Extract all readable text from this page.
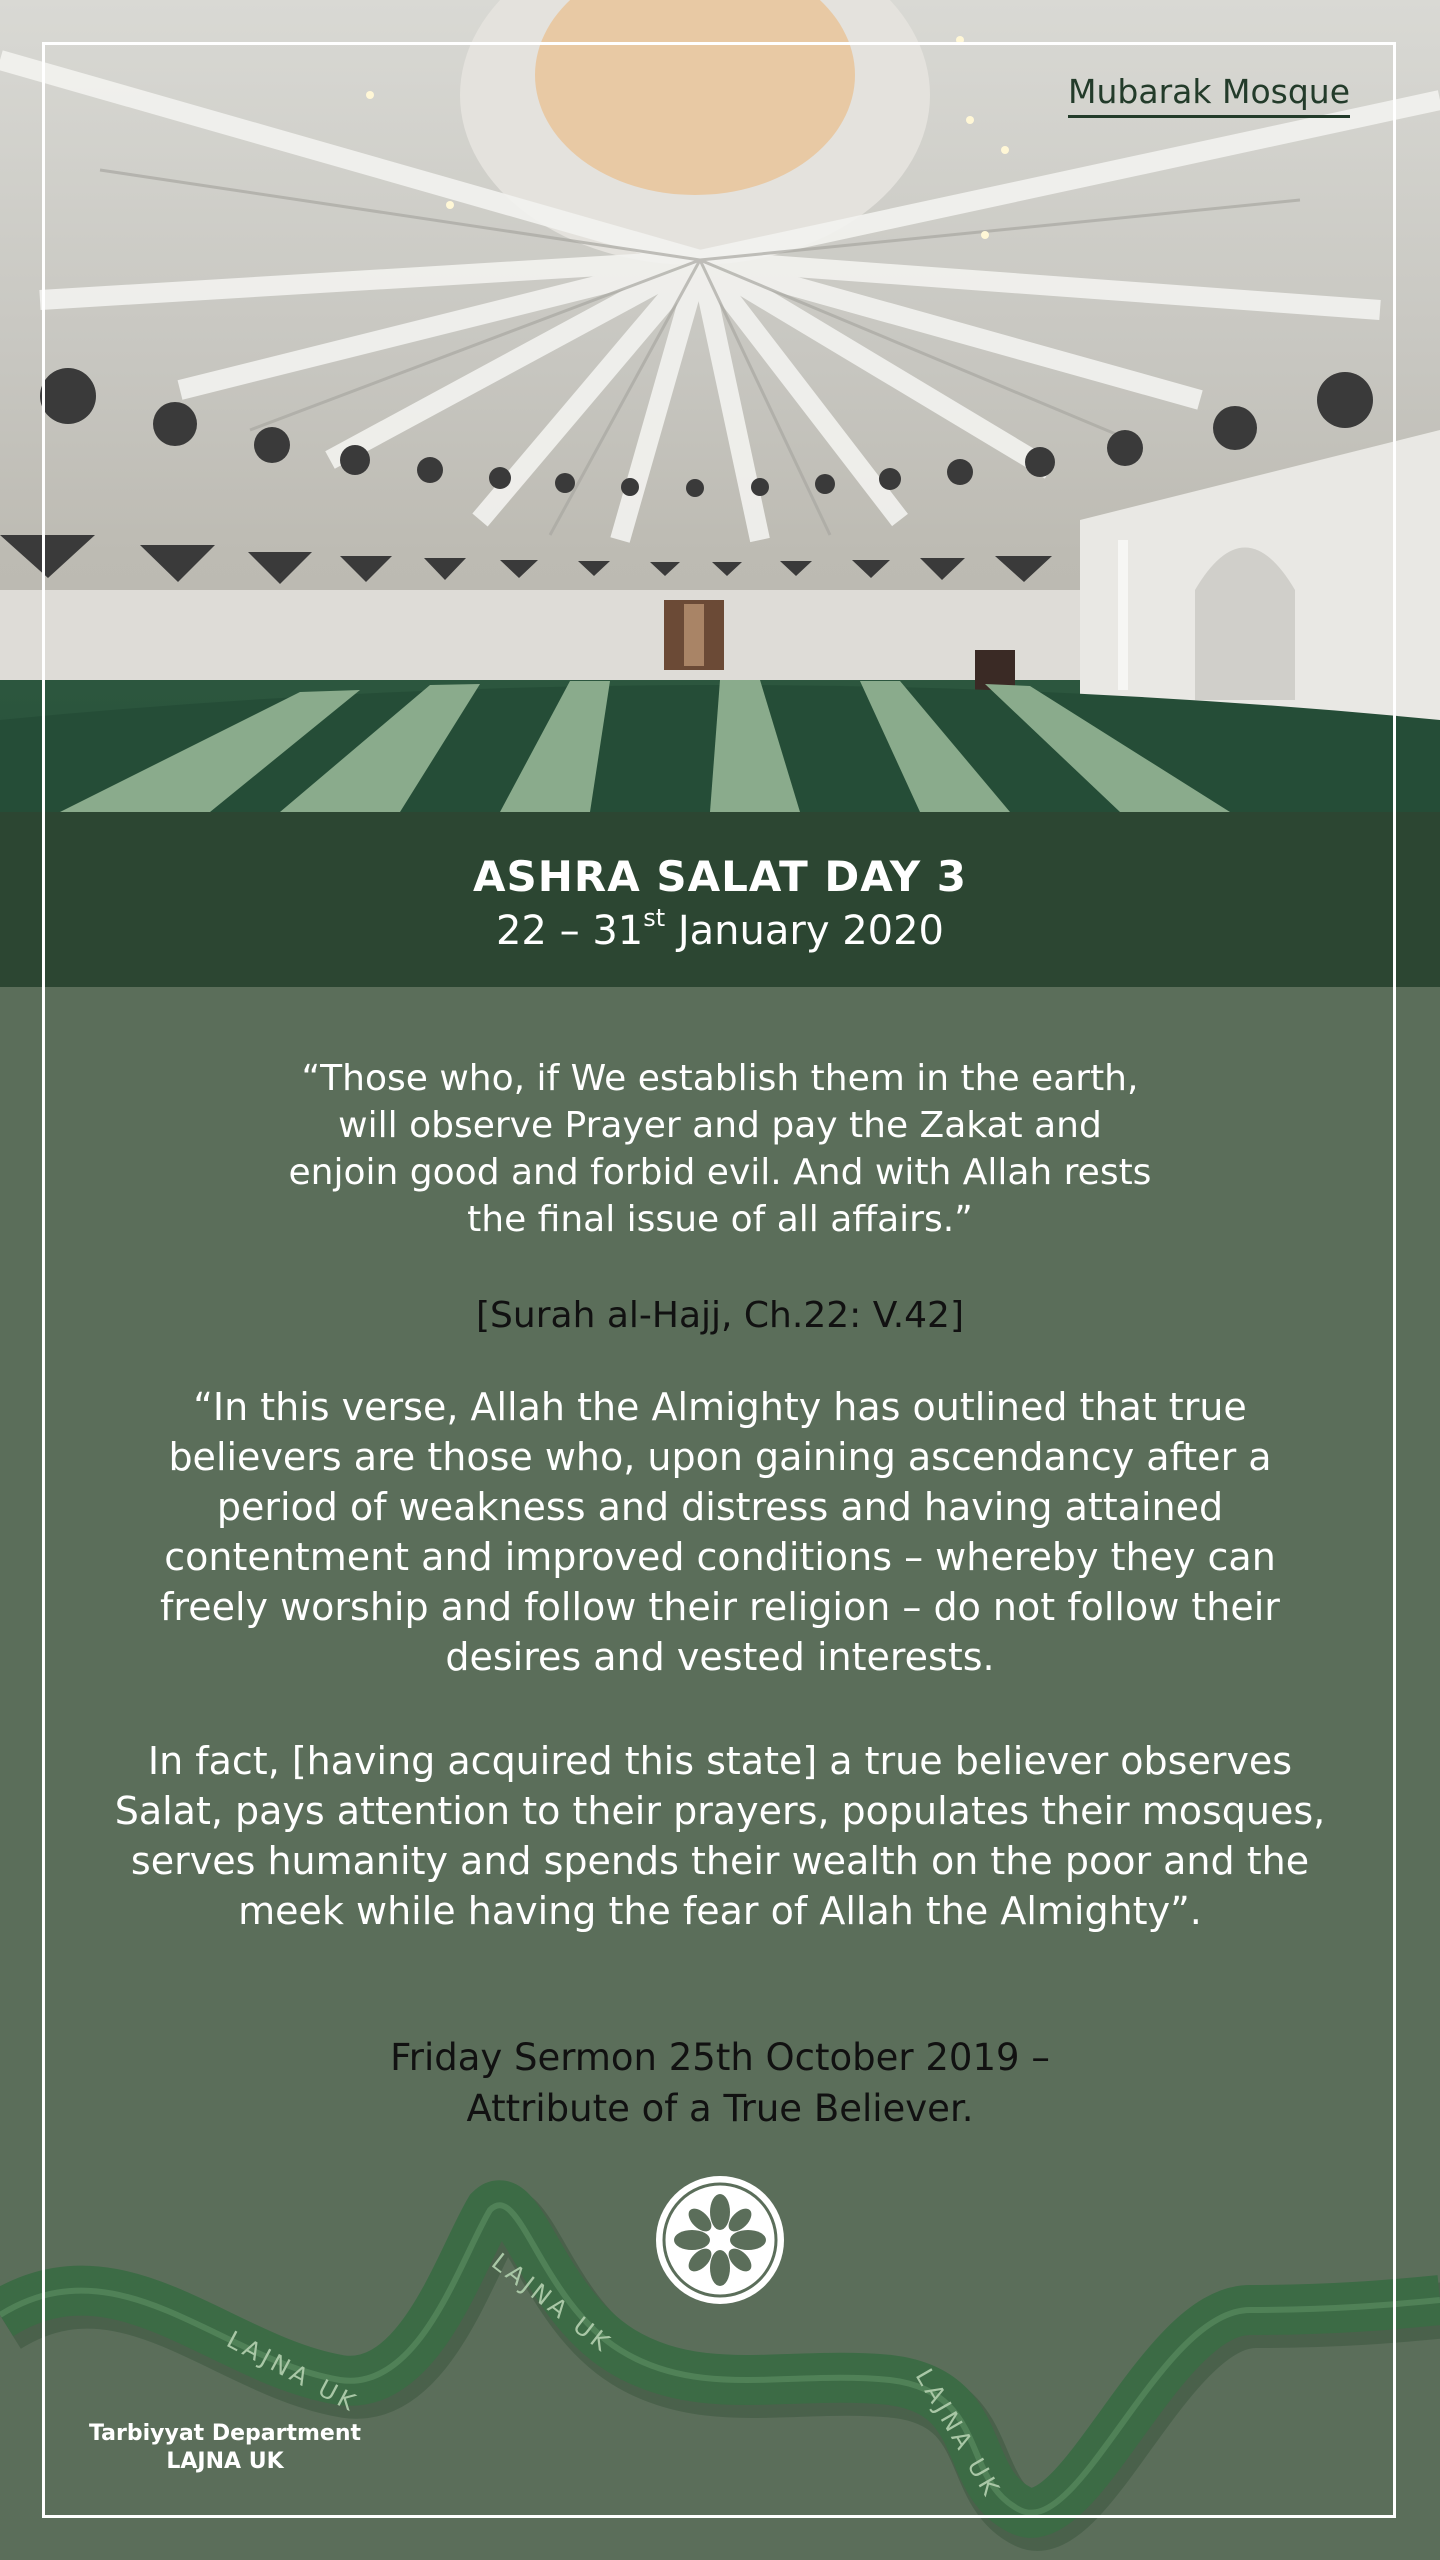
ASHRA SALAT DAY 3
22 – 31st January 2020
Mubarak Mosque
“Those who, if We establish them in the earth, will observe Prayer and pay the Zakat and enjoin good and forbid evil. And with Allah rests the final issue of all affairs.”
[Surah al-Hajj, Ch.22: V.42]
“In this verse, Allah the Almighty has outlined that true believers are those who, upon gaining ascendancy after a period of weakness and distress and having attained contentment and improved conditions – whereby they can freely worship and follow their religion – do not follow their desires and vested interests.
In fact, [having acquired this state] a true believer observes Salat, pays attention to their prayers, populates their mosques, serves humanity and spends their wealth on the poor and the meek while having the fear of Allah the Almighty”.
Friday Sermon 25th October 2019 –
Attribute of a True Believer.
LAJNA UK
LAJNA UK
LAJNA UK
Tarbiyyat Department
LAJNA UK
